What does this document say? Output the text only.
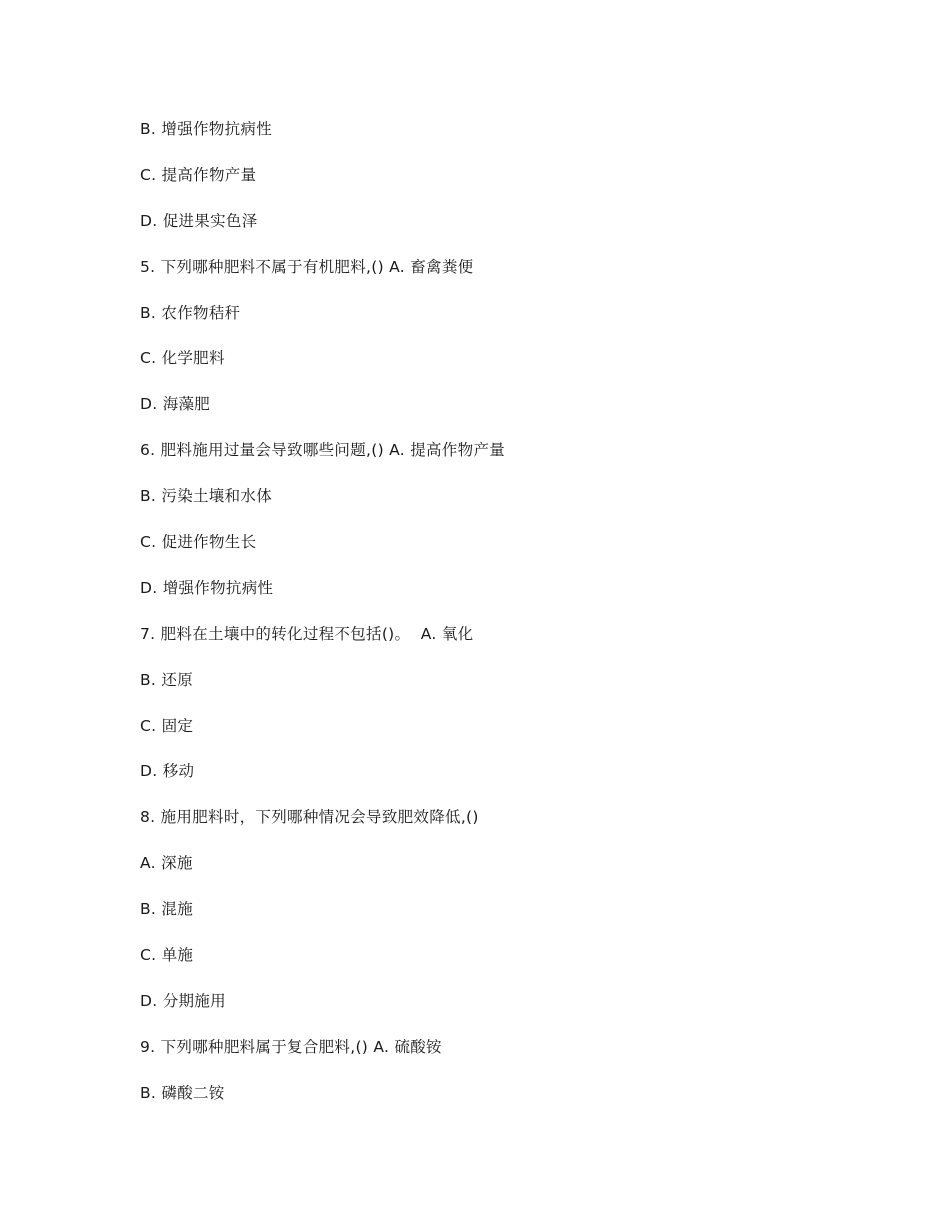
B. 增强作物抗病性
C. 提高作物产量
D. 促进果实色泽
5. 下列哪种肥料不属于有机肥料,() A. 畜禽粪便
B. 农作物秸秆
C. 化学肥料
D. 海藻肥
6. 肥料施用过量会导致哪些问题,() A. 提高作物产量
B. 污染土壤和水体
C. 促进作物生长
D. 增强作物抗病性
7. 肥料在土壤中的转化过程不包括()。  A. 氧化
B. 还原
C. 固定
D. 移动
8. 施用肥料时，下列哪种情况会导致肥效降低,()
A. 深施
B. 混施
C. 单施
D. 分期施用
9. 下列哪种肥料属于复合肥料,() A. 硫酸铵
B. 磷酸二铵
